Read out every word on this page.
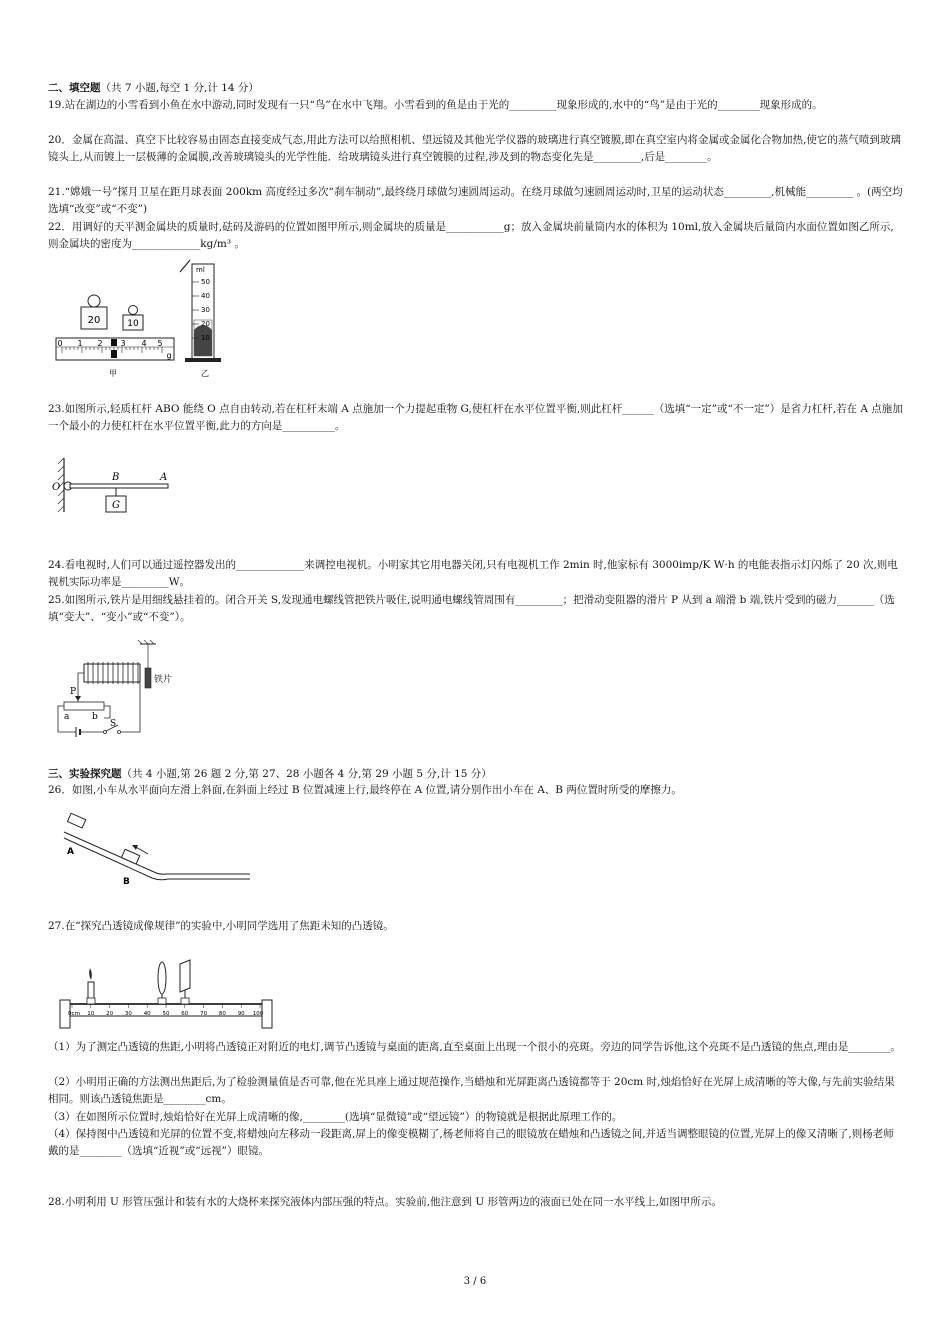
二、填空题（共 7 小题,每空 1 分,计 14 分）
19.站在湖边的小雪看到小鱼在水中游动,同时发现有一只“鸟”在水中飞翔。小雪看到的鱼是由于光的_________现象形成的,水中的“鸟”是由于光的________现象形成的。
20．金属在高温、真空下比较容易由固态直接变成气态,用此方法可以给照相机、望远镜及其他光学仪器的玻璃进行真空镀膜,即在真空室内将金属或金属化合物加热,使它的蒸气喷到玻璃镜头上,从而镀上一层极薄的金属膜,改善玻璃镜头的光学性能．给玻璃镜头进行真空镀膜的过程,涉及到的物态变化先是_________,后是________。
21.“嫦娥一号”探月卫星在距月球表面 200km 高度经过多次“刹车制动”,最终绕月球做匀速圆周运动。在绕月球做匀速圆周运动时,卫星的运动状态_________,机械能_________ 。(两空均选填“改变”或“不变”)
22．用调好的天平测金属块的质量时,砝码及游码的位置如图甲所示,则金属块的质量是___________g；放入金属块前量筒内水的体积为 10ml,放入金属块后量筒内水面位置如图乙所示,则金属块的密度为_____________kg/m³ 。
20	10
0 1 2 3 4 5
g
甲
ml
50
40
30
20
10
乙
23.如图所示,轻质杠杆 ABO 能绕 O 点自由转动,若在杠杆末端 A 点施加一个力提起重物 G,使杠杆在水平位置平衡,则此杠杆______（选填“一定”或“不一定”）是省力杠杆,若在 A 点施加一个最小的力使杠杆在水平位置平衡,此力的方向是__________。
O
B	A
G
24.看电视时,人们可以通过遥控器发出的_____________来调控电视机。小明家其它用电器关闭,只有电视机工作 2min 时,他家标有 3000imp/K W·h 的电能表指示灯闪烁了 20 次,则电视机实际功率是_________W。
25.如图所示,铁片是用细线悬挂着的。闭合开关 S,发现通电螺线管把铁片吸住,说明通电螺线管周围有_________；把滑动变阻器的滑片 P 从到 a 端滑 b 端,铁片受到的磁力_______（选填“变大”、“变小”或“不变”）。
铁片
P
a	b
S
三、实验探究题（共 4 小题,第 26 题 2 分,第 27、28 小题各 4 分,第 29 小题 5 分,计 15 分）
26．如图,小车从水平面向左滑上斜面,在斜面上经过 B 位置减速上行,最终停在 A 位置,请分别作出小车在 A、B 两位置时所受的摩擦力。
A
B
27.在“探究凸透镜成像规律”的实验中,小明同学选用了焦距未知的凸透镜。
0cm 10 20 30 40 50 60 70 80 90 100
（1）为了测定凸透镜的焦距,小明将凸透镜正对附近的电灯,调节凸透镜与桌面的距离,直至桌面上出现一个很小的亮斑。旁边的同学告诉他,这个亮斑不是凸透镜的焦点,理由是________。
（2）小明用正确的方法测出焦距后,为了检验测量值是否可靠,他在光具座上通过规范操作,当蜡烛和光屏距离凸透镜都等于 20cm 时,烛焰恰好在光屏上成清晰的等大像,与先前实验结果相同。则该凸透镜焦距是________cm。
（3）在如图所示位置时,烛焰恰好在光屏上成清晰的像,________(选填“显微镜”或“望远镜”）的物镜就是根据此原理工作的。
（4）保持图中凸透镜和光屏的位置不变,将蜡烛向左移动一段距离,屏上的像变模糊了,杨老师将自己的眼镜放在蜡烛和凸透镜之间,并适当调整眼镜的位置,光屏上的像又清晰了,则杨老师戴的是________（选填“近视”或“远视”）眼镜。
28.小明利用 U 形管压强计和装有水的大烧杯来探究液体内部压强的特点。实验前,他注意到 U 形管两边的液面已处在同一水平线上,如图甲所示。
3 / 6
